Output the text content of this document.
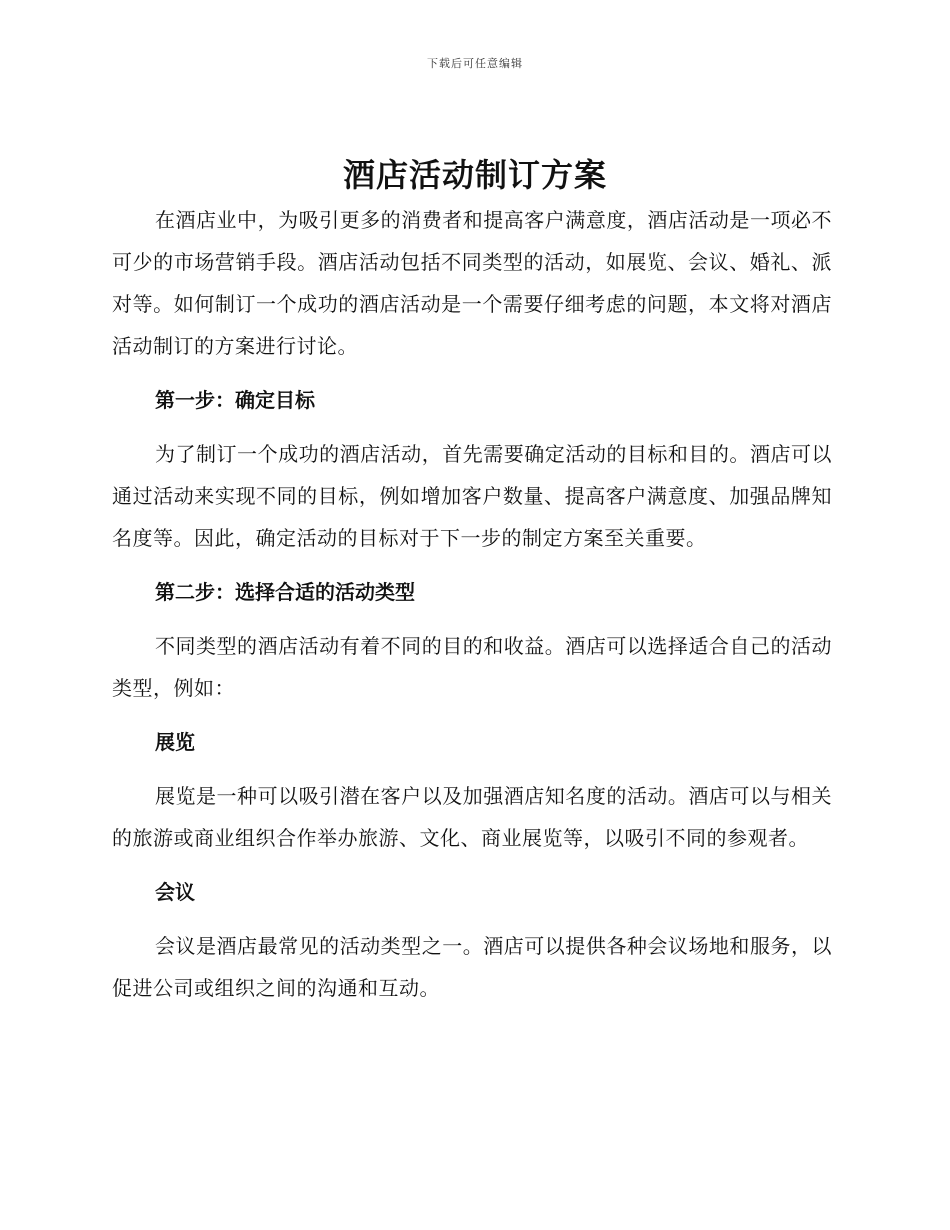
下载后可任意编辑
酒店活动制订方案

在酒店业中，为吸引更多的消费者和提高客户满意度，酒店活动是一项必不可少的市场营销手段。酒店活动包括不同类型的活动，如展览、会议、婚礼、派对等。如何制订一个成功的酒店活动是一个需要仔细考虑的问题，本文将对酒店活动制订的方案进行讨论。

第一步：确定目标

为了制订一个成功的酒店活动，首先需要确定活动的目标和目的。酒店可以通过活动来实现不同的目标，例如增加客户数量、提高客户满意度、加强品牌知名度等。因此，确定活动的目标对于下一步的制定方案至关重要。

第二步：选择合适的活动类型

不同类型的酒店活动有着不同的目的和收益。酒店可以选择适合自己的活动类型，例如：

展览

展览是一种可以吸引潜在客户以及加强酒店知名度的活动。酒店可以与相关的旅游或商业组织合作举办旅游、文化、商业展览等，以吸引不同的参观者。

会议

会议是酒店最常见的活动类型之一。酒店可以提供各种会议场地和服务，以促进公司或组织之间的沟通和互动。
